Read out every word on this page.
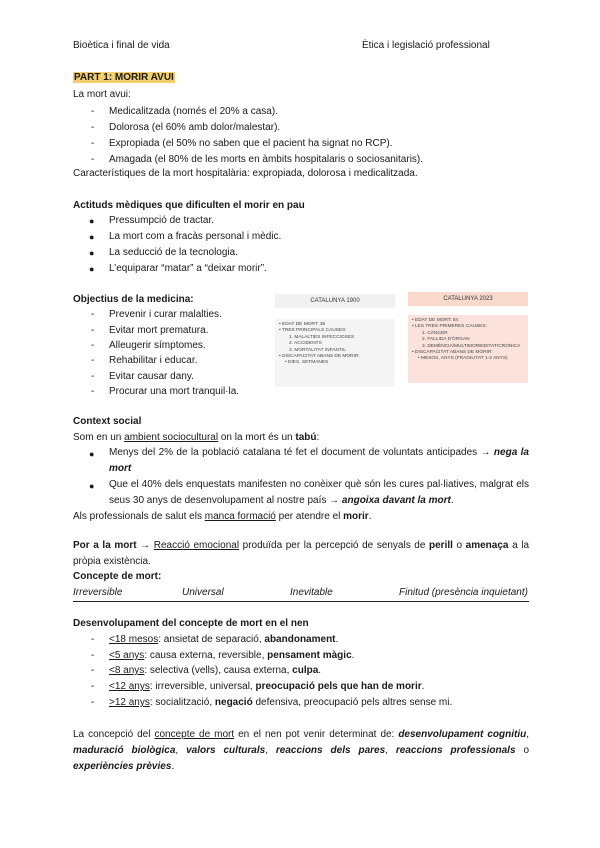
Bioètica i final de vida	Ètica i legislació professional
PART 1: MORIR AVUI
La mort avui:
- Medicalitzada (només el 20% a casa).
- Dolorosa (el 60% amb dolor/malestar).
- Expropiada (el 50% no saben que el pacient ha signat no RCP).
- Amagada (el 80% de les morts en àmbits hospitalaris o sociosanitaris).
Característiques de la mort hospitalària: expropiada, dolorosa i medicalitzada.
Actituds mèdiques que dificulten el morir en pau
● Pressumpció de tractar.
● La mort com a fracàs personal i mèdic.
● La seducció de la tecnologia.
● L’equiparar “matar” a “deixar morir”.
Objectius de la medicina:
- Prevenir i curar malalties.
- Evitar mort prematura.
- Alleugerir símptomes.
- Rehabilitar i educar.
- Evitar causar dany.
- Procurar una mort tranquil·la.
CATALUNYA 1900
• EDAT DE MORT: 35
• TRES PRINCIPALS CAUSES:
1. MALALTIES INFECCIOSES
2. ACCIDENTS
3. MORTALITAT INFANTIL
• DISCAPACITAT ABANS DE MORIR:
• DIES, SETMANES
CATALUNYA 2023
• EDAT DE MORT: 84
• LES TRES PRIMERES CAUSES:
1. CÀNCER
2. FALLIDA D'ÒRGAN
3. DEMÈNCIA/MULTIMORBIDITAT/CRÒNICA
• DISCAPACITAT ABANS DE MORIR:
• MESOS, ANYS (FRAGILITAT 1-2 ANYS)
Context social
Som en un ambient sociocultural on la mort és un tabú:
● Menys del 2% de la població catalana té fet el document de voluntats anticipades → nega la mort
● Que el 40% dels enquestats manifesten no conèixer què són les cures pal·liatives, malgrat els seus 30 anys de desenvolupament al nostre país → angoixa davant la mort.
Als professionals de salut els manca formació per atendre el morir.
Por a la mort → Reacció emocional produïda per la percepció de senyals de perill o amenaça a la pròpia existència.
Concepte de mort:
Irreversible	Universal	Inevitable	Finitud (presència inquietant)
Desenvolupament del concepte de mort en el nen
- <18 mesos: ansietat de separació, abandonament.
- <5 anys: causa externa, reversible, pensament màgic.
- <8 anys: selectiva (vells), causa externa, culpa.
- <12 anys: irreversible, universal, preocupació pels que han de morir.
- >12 anys: socialització, negació defensiva, preocupació pels altres sense mi.
La concepció del concepte de mort en el nen pot venir determinat de: desenvolupament cognitiu, maduració biològica, valors culturals, reaccions dels pares, reaccions professionals o experiències prèvies.
